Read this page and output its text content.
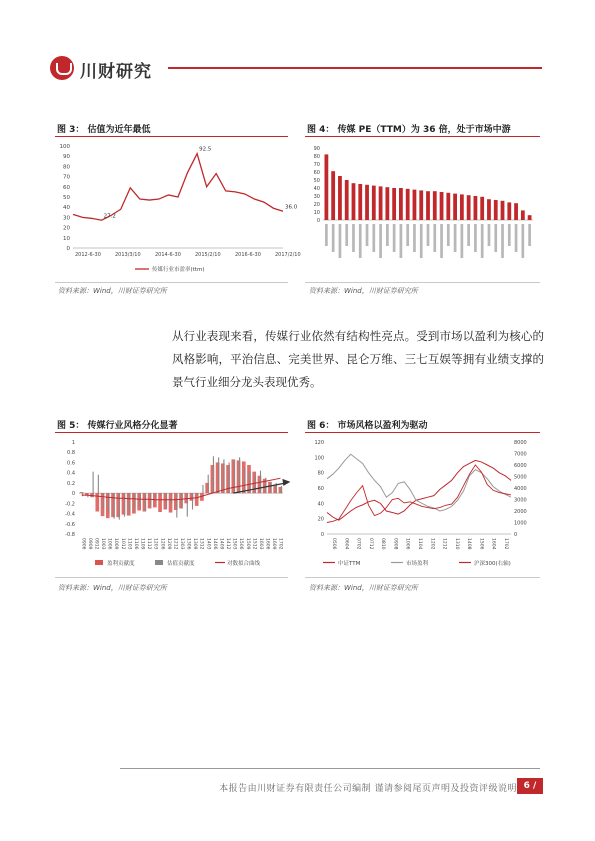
川财研究
图 3： 估值为近年最低
0
10
20
30
40
50
60
70
80
90
100
2012-6-30	2013/3/10	2014-6-30	2015/2/10	2016-6-30	2017/2/10
27.2
92.5
36.0
传媒行业市盈率(ttm)
资料来源：Wind，川财证券研究所
图 4： 传媒 PE（TTM）为 36 倍，处于市场中游
0
10
20
30
40
50
60
70
80
90
资料来源：Wind，川财证券研究所
从行业表现来看，传媒行业依然有结构性亮点。受到市场以盈利为核心的风格影响，平治信息、完美世界、昆仑万维、三七互娱等拥有业绩支撑的景气行业细分龙头表现优秀。
图 5： 传媒行业风格分化显著
1
0.8
0.6
0.4
0.2
0
-0.2
-0.4
-0.6
-0.8
0906 0909 0912 1003 1006 1009 1012 1103 1106 1109 1112 1203 1206 1209 1212 1303 1306 1309 1312 1403 1406 1409 1412 1503 1506 1509 1512 1603 1606 1609 1702
盈利贡献度	估值贡献度	对数拟合曲线
资料来源：Wind，川财证券研究所
图 6： 市场风格以盈利为驱动
0
20
40
60
80
100
120
0
1000
2000
3000
4000
5000
6000
7000
8000
0506 0604 0702 0712 0810 0908 1006 1104 1202 1212 1310 1408 1506 1604 1702
中证TTM	市场盈利	沪深300(右轴)
资料来源：Wind，川财证券研究所
本报告由川财证券有限责任公司编制 谨请参阅尾页声明及投资评级说明 6 / 27
